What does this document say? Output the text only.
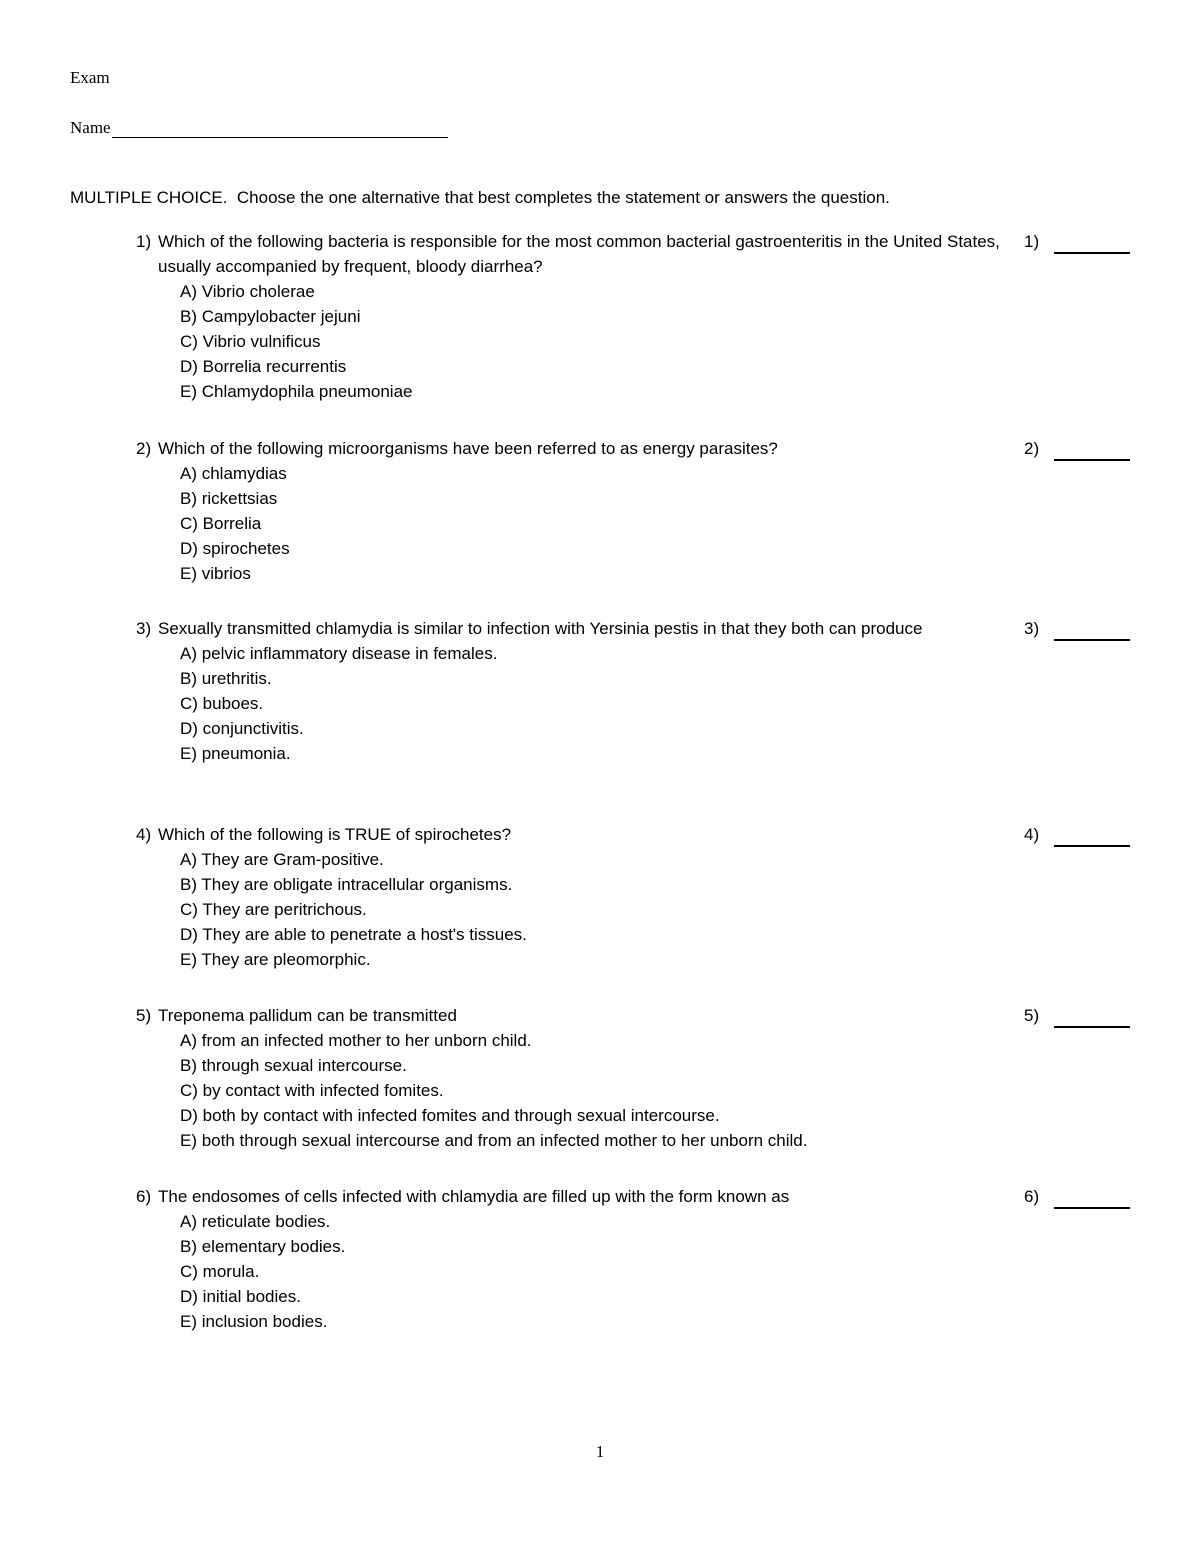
Exam
Name
MULTIPLE CHOICE. Choose the one alternative that best completes the statement or answers the question.
1) Which of the following bacteria is responsible for the most common bacterial gastroenteritis in the United States, usually accompanied by frequent, bloody diarrhea?
A) Vibrio cholerae
B) Campylobacter jejuni
C) Vibrio vulnificus
D) Borrelia recurrentis
E) Chlamydophila pneumoniae
1)
2) Which of the following microorganisms have been referred to as energy parasites?
A) chlamydias
B) rickettsias
C) Borrelia
D) spirochetes
E) vibrios
2)
3) Sexually transmitted chlamydia is similar to infection with Yersinia pestis in that they both can produce
A) pelvic inflammatory disease in females.
B) urethritis.
C) buboes.
D) conjunctivitis.
E) pneumonia.
3)
4) Which of the following is TRUE of spirochetes?
A) They are Gram-positive.
B) They are obligate intracellular organisms.
C) They are peritrichous.
D) They are able to penetrate a host's tissues.
E) They are pleomorphic.
4)
5) Treponema pallidum can be transmitted
A) from an infected mother to her unborn child.
B) through sexual intercourse.
C) by contact with infected fomites.
D) both by contact with infected fomites and through sexual intercourse.
E) both through sexual intercourse and from an infected mother to her unborn child.
5)
6) The endosomes of cells infected with chlamydia are filled up with the form known as
A) reticulate bodies.
B) elementary bodies.
C) morula.
D) initial bodies.
E) inclusion bodies.
6)
1
